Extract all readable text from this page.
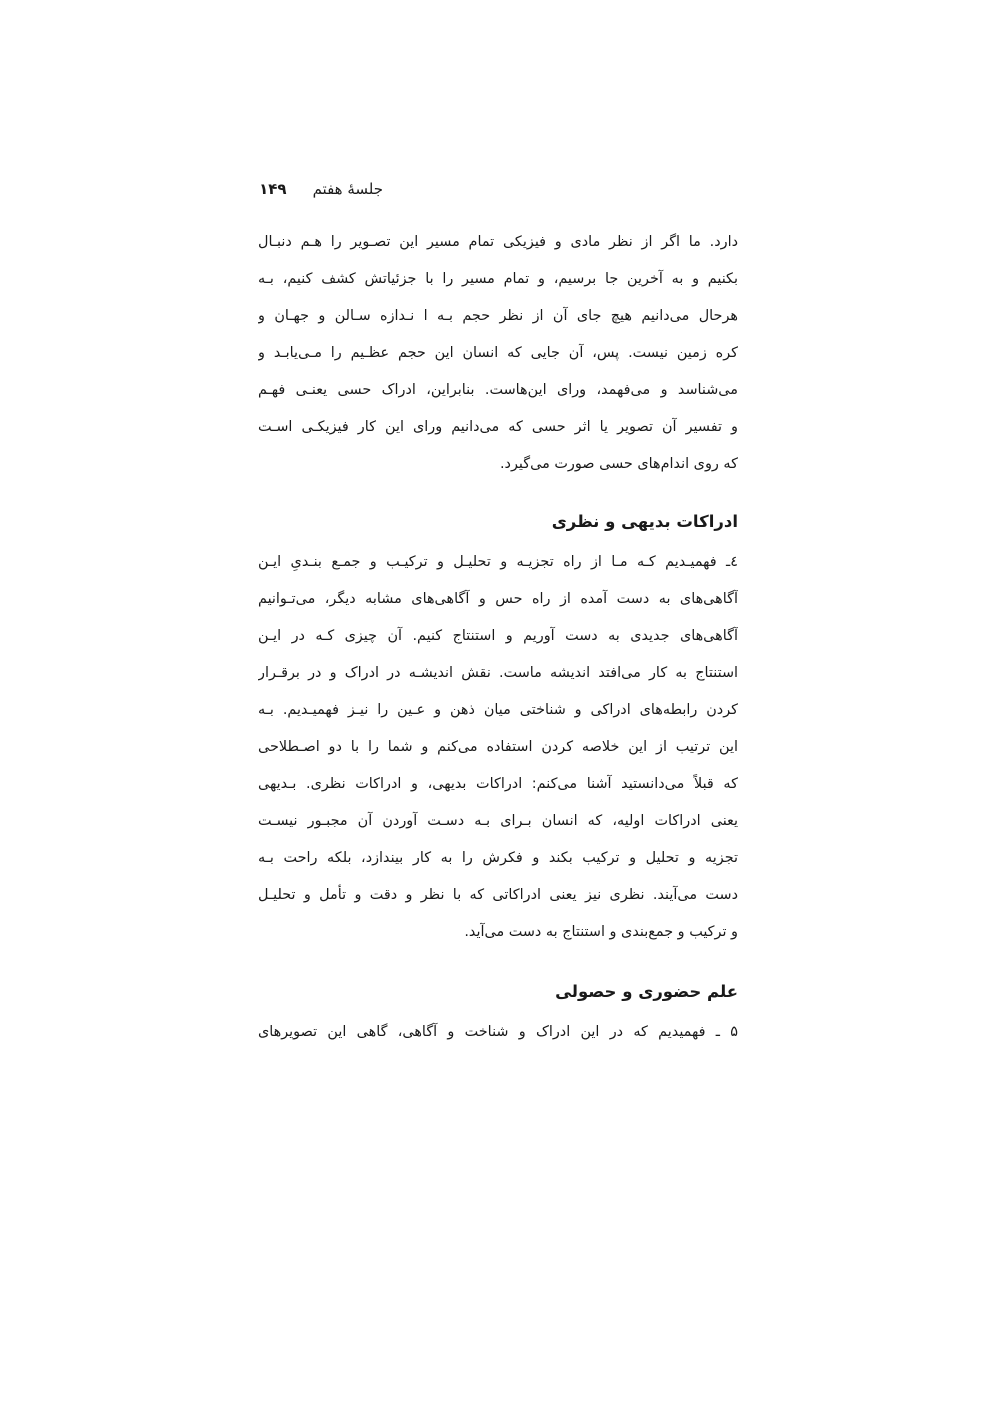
جلسهٔ هفتم
۱۴۹
دارد. ما اگر از نظر مادی و فیزیکی تمام مسیر این تصـویر را هـم دنبـال
بکنیم و به آخرین جا برسیم، و تمام مسیر را با جزئیاتش کشف کنیم، بـه
هرحال می‌دانیم هیچ جای آن از نظر حجم بـه ا نـدازه سـالن و جهـان و
کره زمین نیست. پس، آن جایی که انسان این حجم عظـیم را مـی‌یابـد و
می‌شناسد و می‌فهمد، ورای این‌هاست. بنابراین، ادراک حسی یعنـی فهـم
و تفسیر آن تصویر یا اثر حسی که می‌دانیم ورای این کار فیزیکـی اسـت
که روی اندام‌های حسی صورت می‌گیرد.
ادراکات بدیهی و نظری
٤ـ فهمیـدیم کـه مـا از راه تجزیـه و تحلیـل و ترکیـب و جمـع بنـدیِ ایـن
آگاهی‌های به دست آمده از راه حس و آگاهی‌های مشابه دیگر، می‌تـوانیم
آگاهی‌های جدیدی به دست آوریم و استنتاج کنیم. آن چیزی کـه در ایـن
استنتاج به کار می‌افتد اندیشه ماست. نقش اندیشـه در ادراک و در برقـرار
کردن رابطه‌های ادراکی و شناختی میان ذهن و عـین را نیـز فهمیـدیم. بـه
این ترتیب از این خلاصه کردن استفاده می‌کنم و شما را با دو اصـطلاحی
که قبلاً می‌دانستید آشنا می‌کنم: ادراکات بدیهی، و ادراکات نظری. بـدیهی
یعنی ادراکات اولیه، که انسان بـرای بـه دسـت آوردن آن مجبـور نیسـت
تجزیه و تحلیل و ترکیب بکند و فکرش را به کار بیندازد، بلکه راحت بـه
دست می‌آیند. نظری نیز یعنی ادراکاتی که با نظر و دقت و تأمل و تحلیـل
و ترکیب و جمع‌بندی و استنتاج به دست می‌آید.
علم حضوری و حصولی
۵ ـ فهمیدیم که در این ادراک و شناخت و آگاهی، گاهی این تصویرهای
